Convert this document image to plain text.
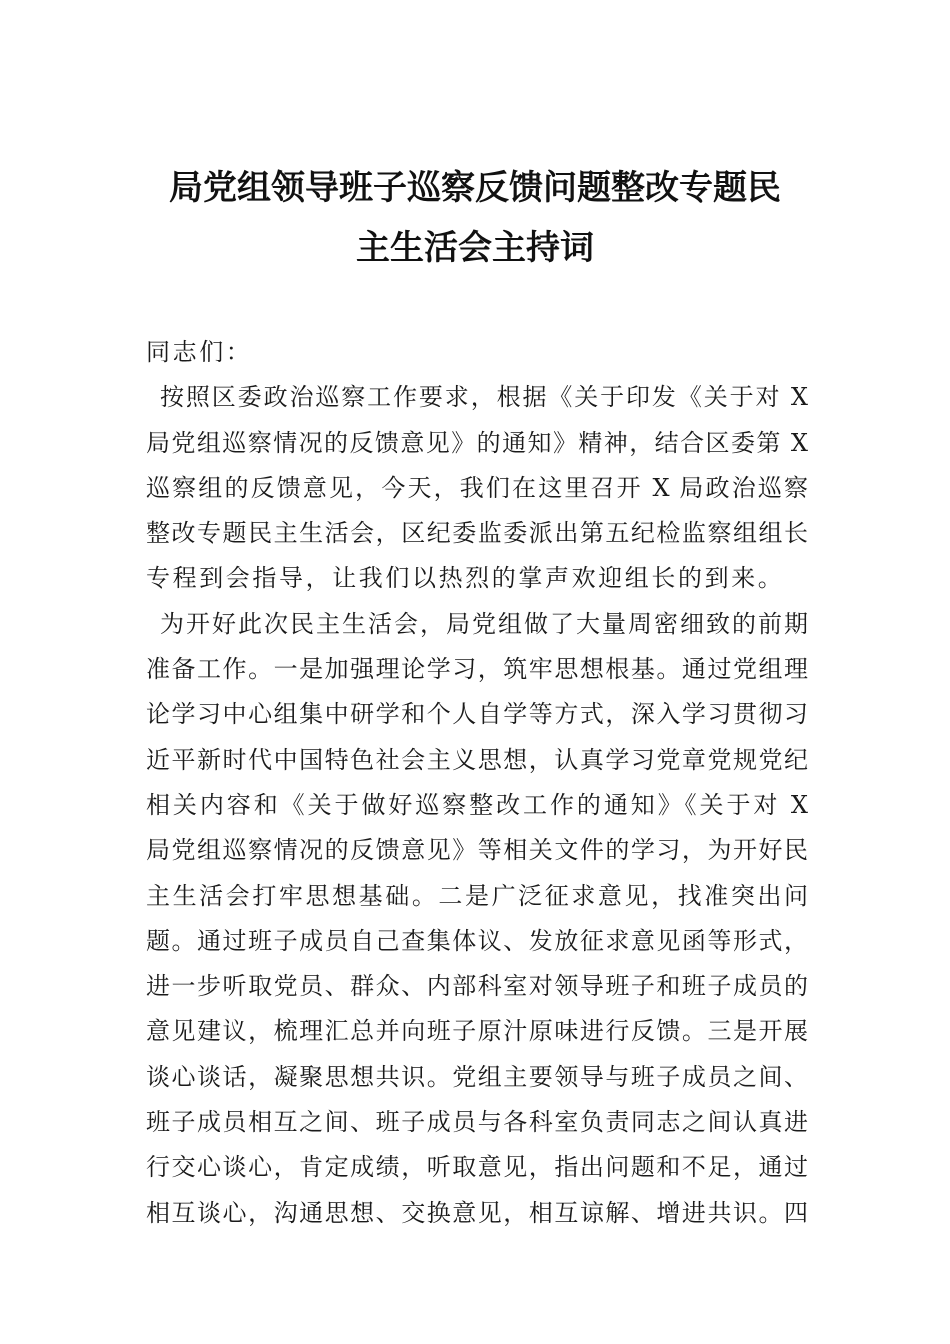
局党组领导班子巡察反馈问题整改专题民
主生活会主持词
同志们：
按照区委政治巡察工作要求，根据《关于印发《关于对 X
局党组巡察情况的反馈意见》的通知》精神，结合区委第 X
巡察组的反馈意见，今天，我们在这里召开 X 局政治巡察
整改专题民主生活会，区纪委监委派出第五纪检监察组组长
专程到会指导，让我们以热烈的掌声欢迎组长的到来。
为开好此次民主生活会，局党组做了大量周密细致的前期
准备工作。一是加强理论学习，筑牢思想根基。通过党组理
论学习中心组集中研学和个人自学等方式，深入学习贯彻习
近平新时代中国特色社会主义思想，认真学习党章党规党纪
相关内容和《关于做好巡察整改工作的通知》《关于对 X
局党组巡察情况的反馈意见》等相关文件的学习，为开好民
主生活会打牢思想基础。二是广泛征求意见，找准突出问
题。通过班子成员自己查集体议、发放征求意见函等形式，
进一步听取党员、群众、内部科室对领导班子和班子成员的
意见建议，梳理汇总并向班子原汁原味进行反馈。三是开展
谈心谈话，凝聚思想共识。党组主要领导与班子成员之间、
班子成员相互之间、班子成员与各科室负责同志之间认真进
行交心谈心，肯定成绩，听取意见，指出问题和不足，通过
相互谈心，沟通思想、交换意见，相互谅解、增进共识。四
